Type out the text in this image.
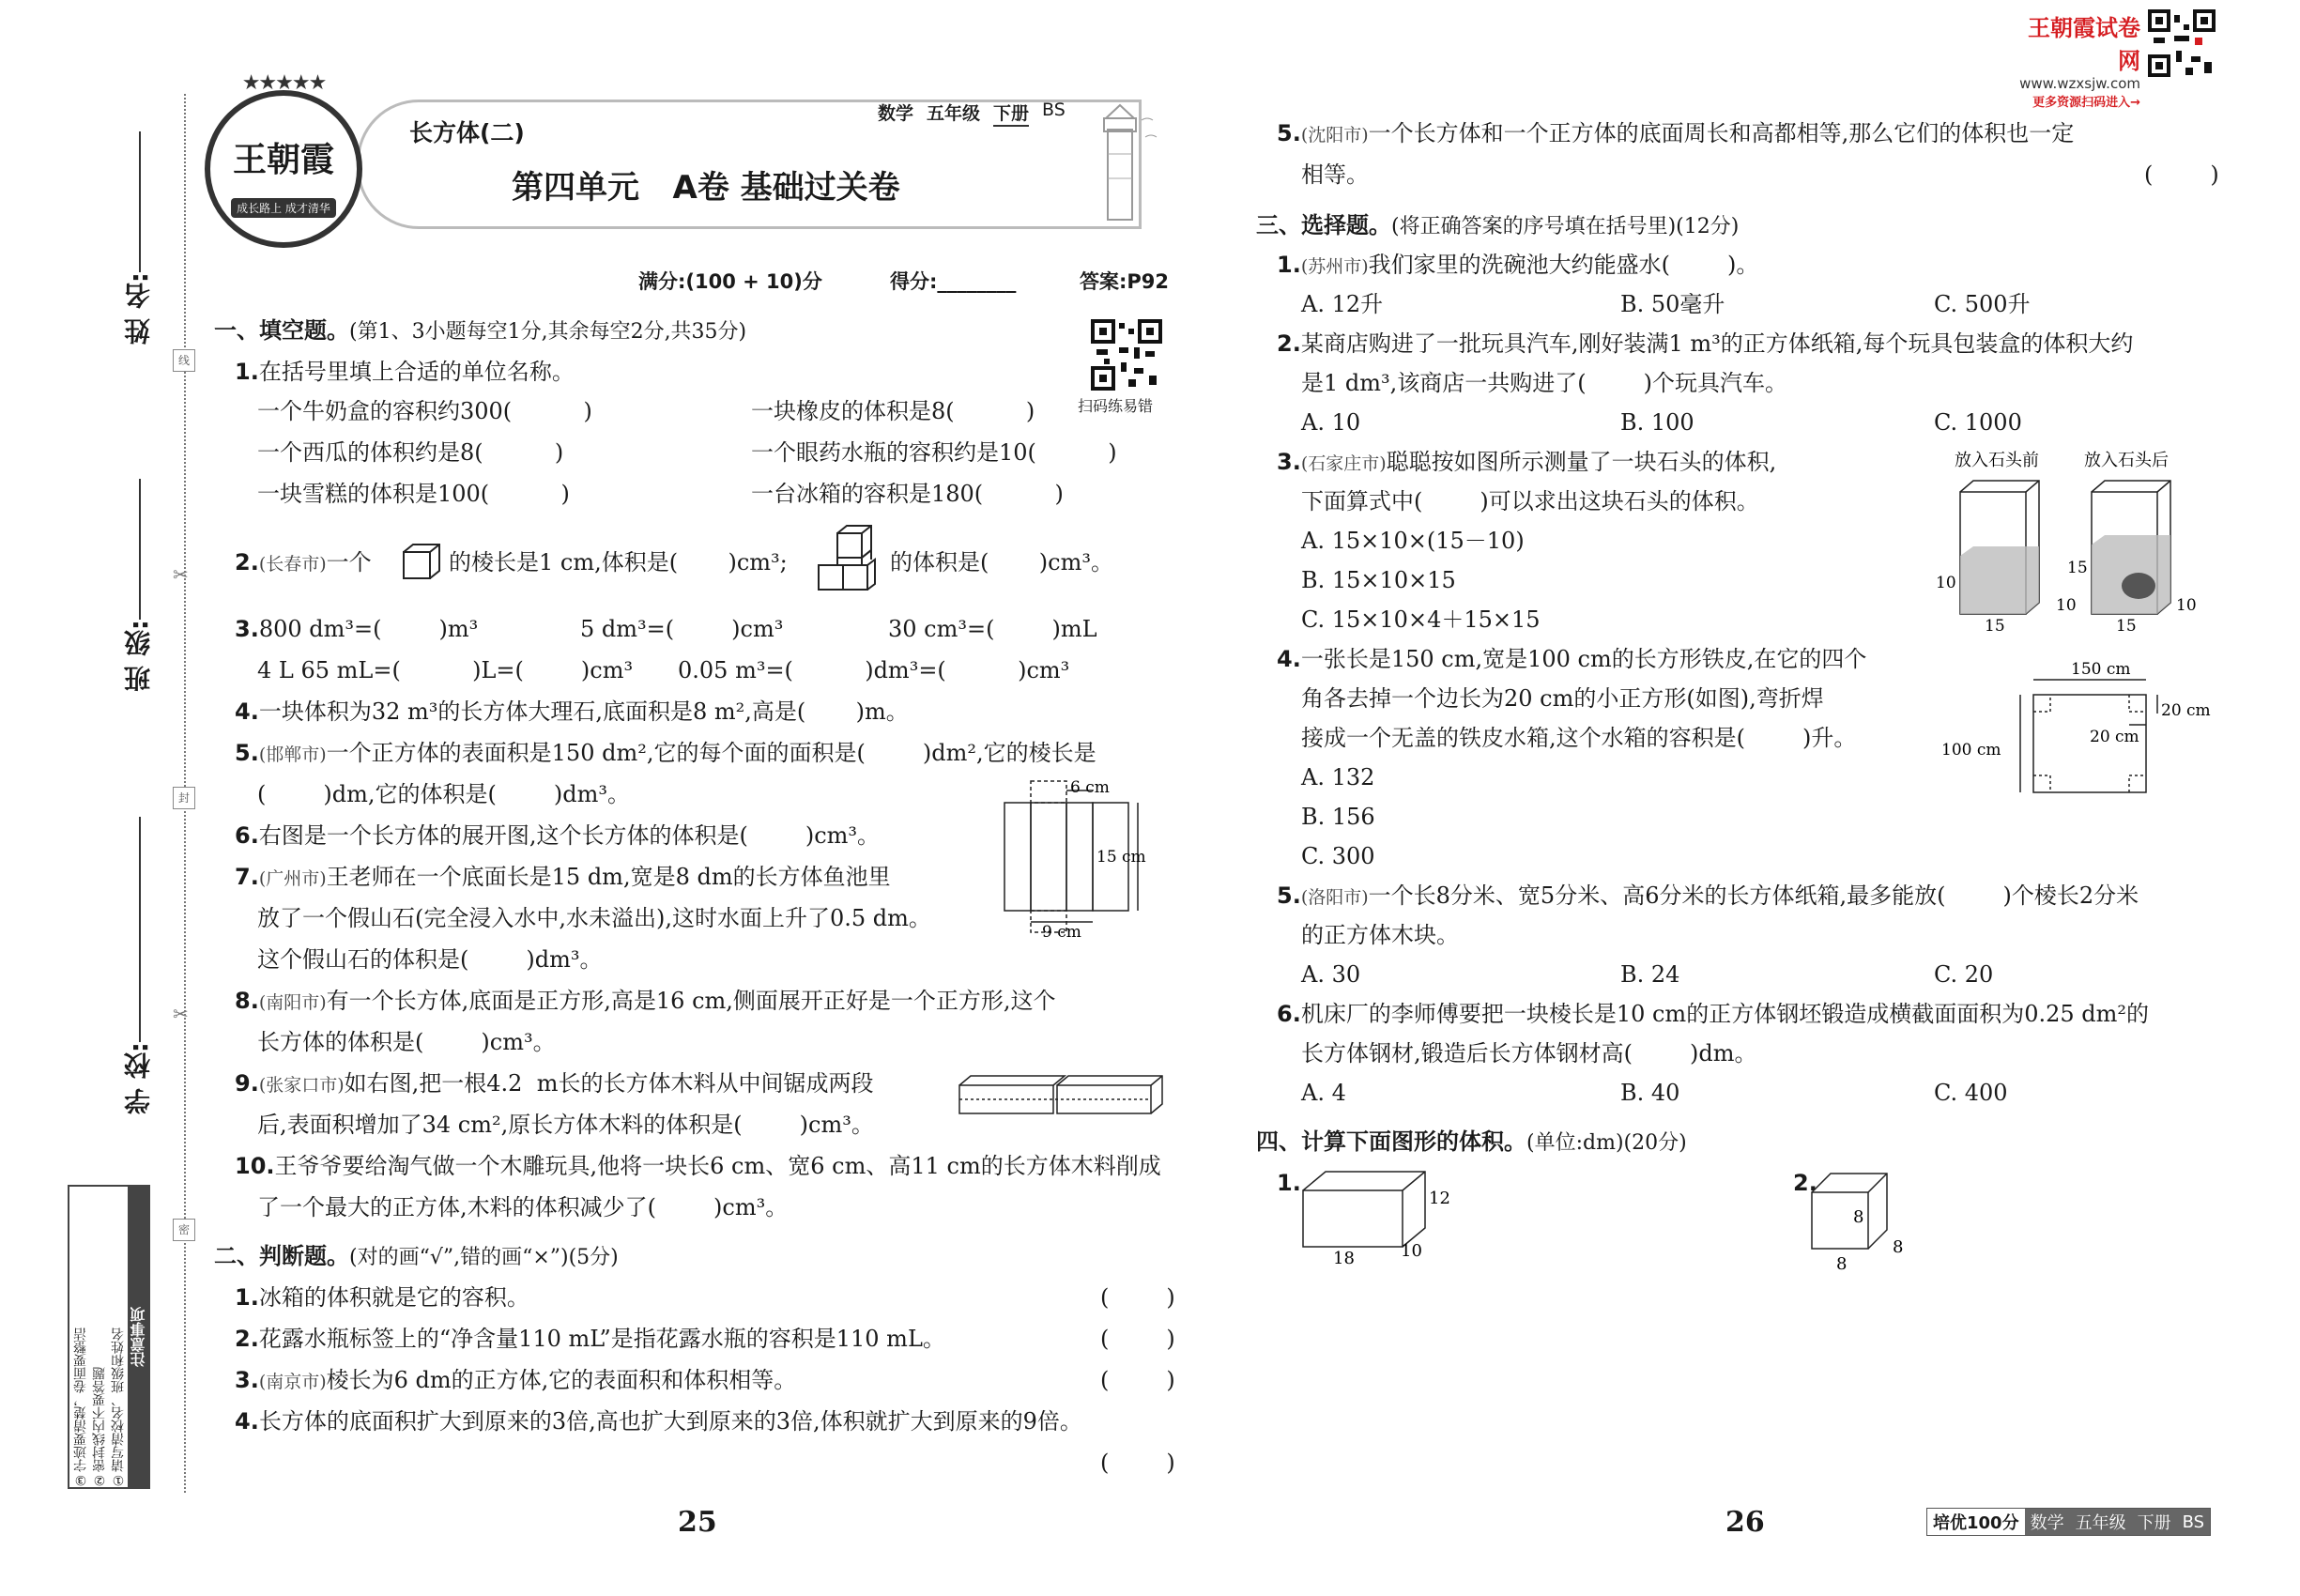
姓 名:
班 级:
学 校:
线
封
密
✂
✂
注意事项
①请写清校名、班级和姓名
②密封线内不要答题
③字迹要清楚，卷面要整洁
★★★★★
王朝霞
成长路上 成才清华
长方体(二)
数学 五年级 下册 BS
第四单元   A卷 基础过关卷
满分:(100 + 10)分	得分:________	答案:P92
扫码练易错
一、填空题。(第1、3小题每空1分,其余每空2分,共35分)
1.在括号里填上合适的单位名称。
一个牛奶盒的容积约300(          )	一块橡皮的体积是8(          )
一个西瓜的体积约是8(          )	一个眼药水瓶的容积约是10(          )
一块雪糕的体积是100(          )	一台冰箱的容积是180(          )
2.(长春市)一个	的棱长是1 cm,体积是(       )cm³;	的体积是(       )cm³。
3.800 dm³=(        )m³	5 dm³=(        )cm³	30 cm³=(        )mL
4 L 65 mL=(          )L=(        )cm³ 0.05 m³=(          )dm³=(          )cm³
4.一块体积为32 m³的长方体大理石,底面积是8 m²,高是(       )m。
5.(邯郸市)一个正方体的表面积是150 dm²,它的每个面的面积是(        )dm²,它的棱长是
(        )dm,它的体积是(        )dm³。
6.右图是一个长方体的展开图,这个长方体的体积是(        )cm³。
6 cm
15 cm
9 cm
7.(广州市)王老师在一个底面长是15 dm,宽是8 dm的长方体鱼池里
放了一个假山石(完全浸入水中,水未溢出),这时水面上升了0.5 dm。
这个假山石的体积是(        )dm³。
8.(南阳市)有一个长方体,底面是正方形,高是16 cm,侧面展开正好是一个正方形,这个
长方体的体积是(        )cm³。
9.(张家口市)如右图,把一根4.2  m长的长方体木料从中间锯成两段
后,表面积增加了34 cm²,原长方体木料的体积是(        )cm³。
10.王爷爷要给淘气做一个木雕玩具,他将一块长6 cm、宽6 cm、高11 cm的长方体木料削成
了一个最大的正方体,木料的体积减少了(        )cm³。
二、判断题。(对的画“√”,错的画“×”)(5分)
1.冰箱的体积就是它的容积。	(        )
2.花露水瓶标签上的“净含量110 mL”是指花露水瓶的容积是110 mL。	(        )
3.(南京市)棱长为6 dm的正方体,它的表面积和体积相等。	(        )
4.长方体的底面积扩大到原来的3倍,高也扩大到原来的3倍,体积就扩大到原来的9倍。
(        )
25
王朝霞试卷网
www.wzxsjw.com
更多资源扫码进入→
5.(沈阳市)一个长方体和一个正方体的底面周长和高都相等,那么它们的体积也一定
相等。	(        )
三、选择题。(将正确答案的序号填在括号里)(12分)
1.(苏州市)我们家里的洗碗池大约能盛水(        )。
A. 12升	B. 50毫升	C. 500升
2.某商店购进了一批玩具汽车,刚好装满1 m³的正方体纸箱,每个玩具包装盒的体积大约
是1 dm³,该商店一共购进了(        )个玩具汽车。
A. 10	B. 100	C. 1000
3.(石家庄市)聪聪按如图所示测量了一块石头的体积,
下面算式中(        )可以求出这块石头的体积。
A. 15×10×(15－10)
B. 15×10×15
C. 15×10×4＋15×15
放入石头前	放入石头后
10
10
15
15
10
15
4.一张长是150 cm,宽是100 cm的长方形铁皮,在它的四个
角各去掉一个边长为20 cm的小正方形(如图),弯折焊
接成一个无盖的铁皮水箱,这个水箱的容积是(        )升。
A. 132
B. 156
C. 300
150 cm
20 cm
20 cm
100 cm
5.(洛阳市)一个长8分米、宽5分米、高6分米的长方体纸箱,最多能放(        )个棱长2分米
的正方体木块。
A. 30	B. 24	C. 20
6.机床厂的李师傅要把一块棱长是10 cm的正方体钢坯锻造成横截面面积为0.25 dm²的
长方体钢材,锻造后长方体钢材高(        )dm。
A. 4	B. 40	C. 400
四、计算下面图形的体积。(单位:dm)(20分)
1.
12
10
18
2.
8
8
8
26	培优100分 数学 五年级 下册 BS
